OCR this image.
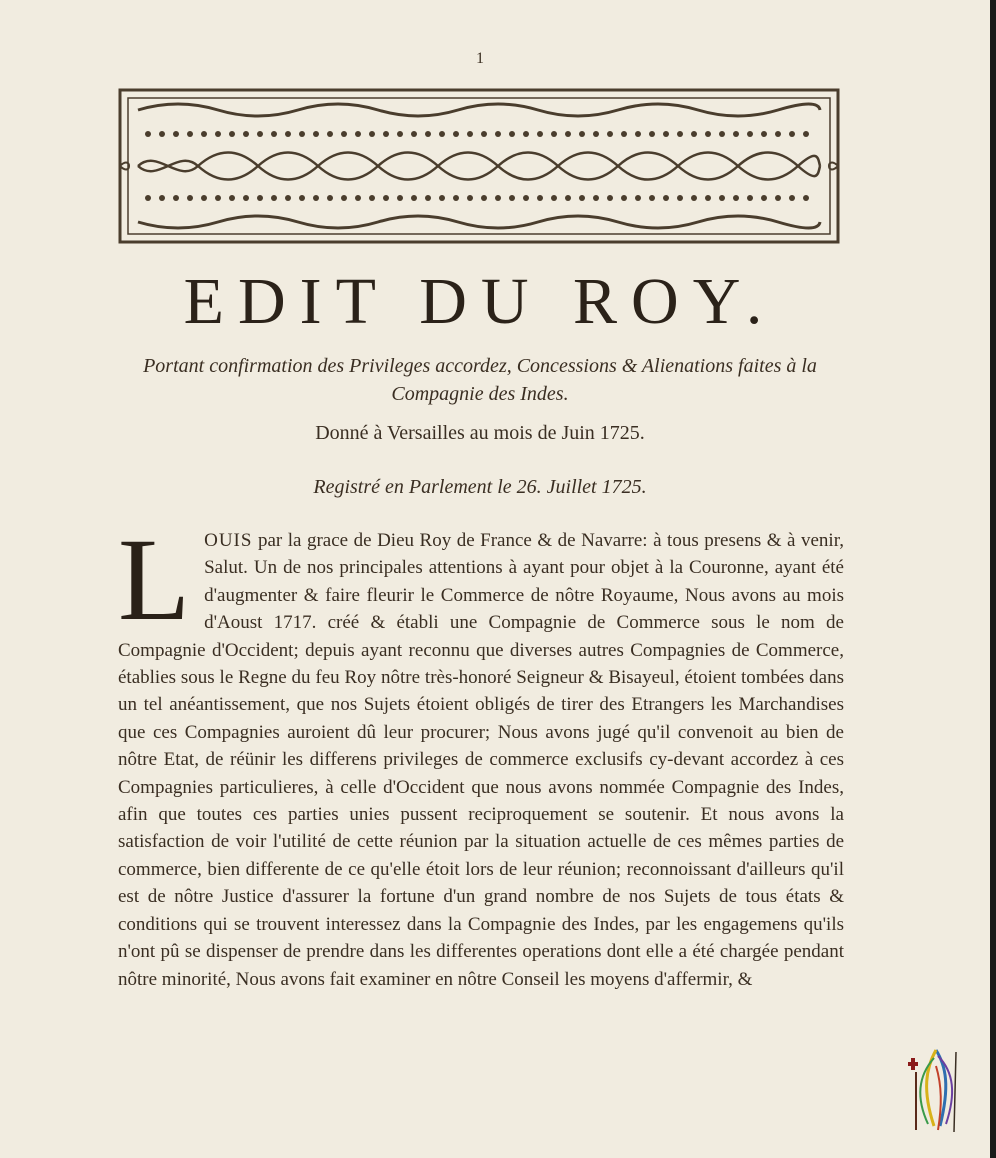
1
EDIT DU ROY.
Portant confirmation des Privileges accordez, Concessions & Alienations faites à la Compagnie des Indes.
Donné à Versailles au mois de Juin 1725.
Registré en Parlement le 26. Juillet 1725.

LOUIS par la grace de Dieu Roy de France & de Navarre: à tous presens & à venir, Salut. Un de nos principales attentions à ayant pour objet à la Couronne, ayant été d'augmenter & faire fleurir le Commerce de nôtre Royaume, Nous avons au mois d'Aoust 1717. créé & établi une Compagnie de Commerce sous le nom de Compagnie d'Occident; depuis ayant reconnu que diverses autres Compagnies de Commerce, établies sous le Regne du feu Roy nôtre très-honoré Seigneur & Bisayeul, étoient tombées dans un tel anéantissement, que nos Sujets étoient obligés de tirer des Etrangers les Marchandises que ces Compagnies auroient dû leur procurer; Nous avons jugé qu'il convenoit au bien de nôtre Etat, de réünir les differens privileges de commerce exclusifs cy-devant accordez à ces Compagnies particulieres, à celle d'Occident que nous avons nommée Compagnie des Indes, afin que toutes ces parties unies pussent reciproquement se soutenir. Et nous avons la satisfaction de voir l'utilité de cette réunion par la situation actuelle de ces mêmes parties de commerce, bien differente de ce qu'elle étoit lors de leur réunion; reconnoissant d'ailleurs qu'il est de nôtre Justice d'assurer la fortune d'un grand nombre de nos Sujets de tous états & conditions qui se trouvent interessez dans la Compagnie des Indes, par les engagemens qu'ils n'ont pû se dispenser de prendre dans les differentes operations dont elle a été chargée pendant nôtre minorité, Nous avons fait examiner en nôtre Conseil les moyens d'affermir, &
